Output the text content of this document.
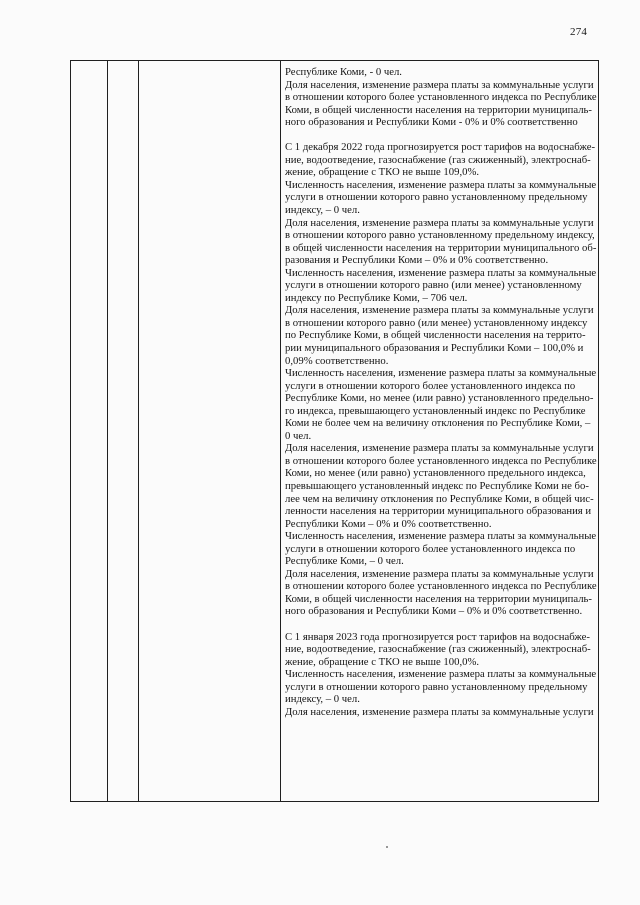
274

Республике Коми, - 0 чел.

Доля населения, изменение размера платы за коммунальные услуги
в отношении которого более установленного индекса по Республике
Коми, в общей численности населения на территории муниципаль-
ного образования и Республики Коми - 0% и 0% соответственно

С 1 декабря 2022 года прогнозируется рост тарифов на водоснабже-
ние, водоотведение, газоснабжение (газ сжиженный), электроснаб-
жение, обращение с ТКО не выше 109,0%.

Численность населения, изменение размера платы за коммунальные
услуги в отношении которого равно установленному предельному
индексу, – 0 чел.

Доля населения, изменение размера платы за коммунальные услуги
в отношении которого равно установленному предельному индексу,
в общей численности населения на территории муниципального об-
разования и Республики Коми – 0% и 0% соответственно.

Численность населения, изменение размера платы за коммунальные
услуги в отношении которого равно (или менее) установленному
индексу по Республике Коми, – 706 чел.

Доля населения, изменение размера платы за коммунальные услуги
в отношении которого равно (или менее) установленному индексу
по Республике Коми, в общей численности населения на террито-
рии муниципального образования и Республики Коми – 100,0% и
0,09% соответственно.

Численность населения, изменение размера платы за коммунальные
услуги в отношении которого более установленного индекса по
Республике Коми, но менее (или равно) установленного предельно-
го индекса, превышающего установленный индекс по Республике
Коми не более чем на величину отклонения по Республике Коми, –
0 чел.

Доля населения, изменение размера платы за коммунальные услуги
в отношении которого более установленного индекса по Республике
Коми, но менее (или равно) установленного предельного индекса,
превышающего установленный индекс по Республике Коми не бо-
лее чем на величину отклонения по Республике Коми, в общей чис-
ленности населения на территории муниципального образования и
Республики Коми – 0% и 0% соответственно.

Численность населения, изменение размера платы за коммунальные
услуги в отношении которого более установленного индекса по
Республике Коми, – 0 чел.

Доля населения, изменение размера платы за коммунальные услуги
в отношении которого более установленного индекса по Республике
Коми, в общей численности населения на территории муниципаль-
ного образования и Республики Коми – 0% и 0% соответственно.

С 1 января 2023 года прогнозируется рост тарифов на водоснабже-
ние, водоотведение, газоснабжение (газ сжиженный), электроснаб-
жение, обращение с ТКО не выше 100,0%.

Численность населения, изменение размера платы за коммунальные
услуги в отношении которого равно установленному предельному
индексу, – 0 чел.

Доля населения, изменение размера платы за коммунальные услуги
